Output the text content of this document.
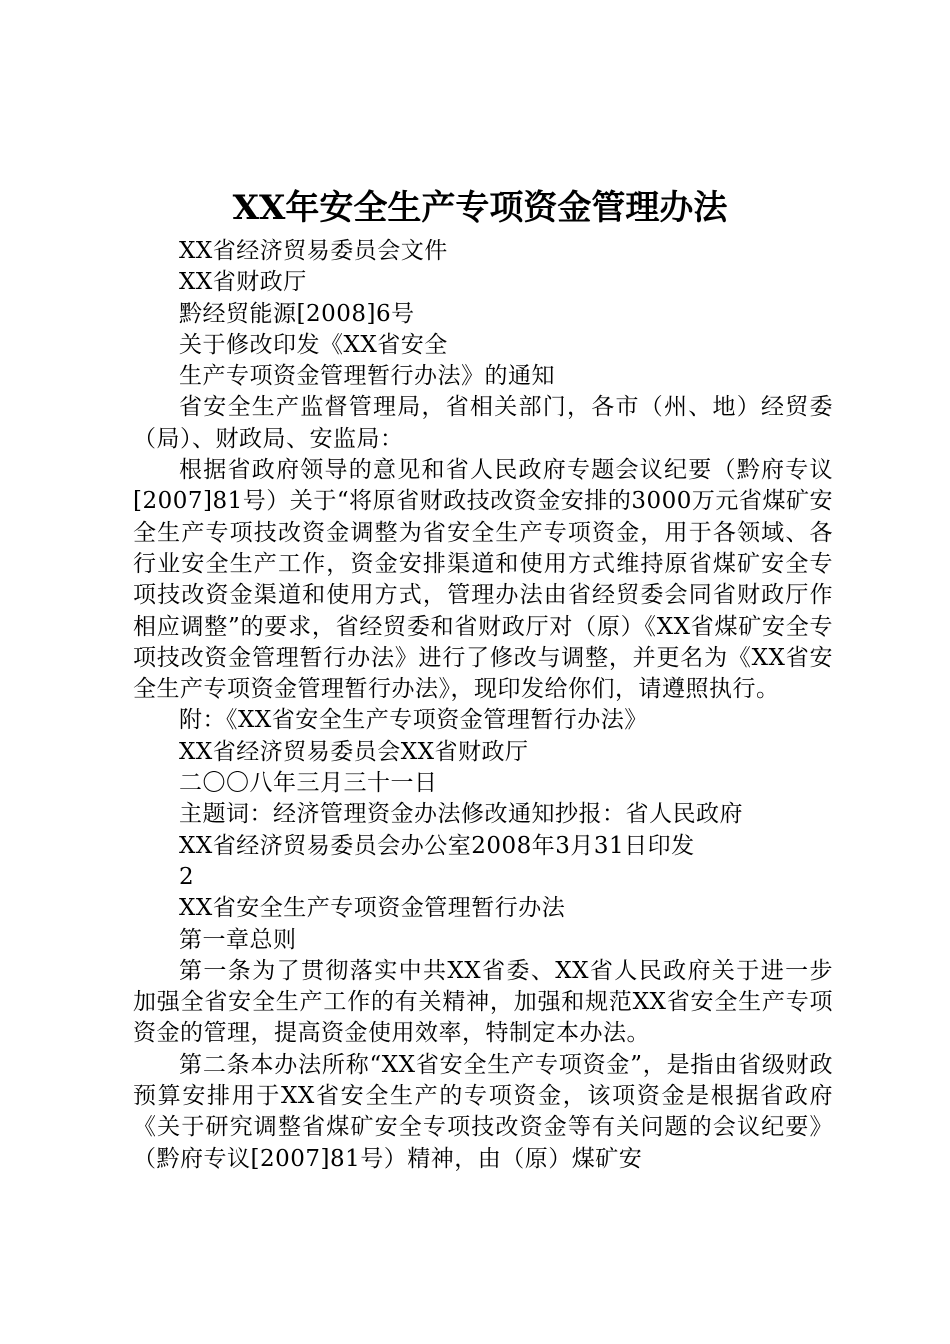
XX年安全生产专项资金管理办法
XX省经济贸易委员会文件
XX省财政厅
黔经贸能源[2008]6号
关于修改印发《XX省安全
生产专项资金管理暂行办法》的通知
省安全生产监督管理局，省相关部门，各市（州、地）经贸委（局）、财政局、安监局：
根据省政府领导的意见和省人民政府专题会议纪要（黔府专议[2007]81号）关于“将原省财政技改资金安排的3000万元省煤矿安全生产专项技改资金调整为省安全生产专项资金，用于各领域、各行业安全生产工作，资金安排渠道和使用方式维持原省煤矿安全专项技改资金渠道和使用方式，管理办法由省经贸委会同省财政厅作相应调整”的要求，省经贸委和省财政厅对（原）《XX省煤矿安全专项技改资金管理暂行办法》进行了修改与调整，并更名为《XX省安全生产专项资金管理暂行办法》，现印发给你们，请遵照执行。
附：《XX省安全生产专项资金管理暂行办法》
XX省经济贸易委员会XX省财政厅
二〇〇八年三月三十一日
主题词：经济管理资金办法修改通知抄报：省人民政府
XX省经济贸易委员会办公室2008年3月31日印发
2
XX省安全生产专项资金管理暂行办法
第一章总则
第一条为了贯彻落实中共XX省委、XX省人民政府关于进一步加强全省安全生产工作的有关精神，加强和规范XX省安全生产专项资金的管理，提高资金使用效率，特制定本办法。
第二条本办法所称“XX省安全生产专项资金”，是指由省级财政预算安排用于XX省安全生产的专项资金，该项资金是根据省政府《关于研究调整省煤矿安全专项技改资金等有关问题的会议纪要》（黔府专议[2007]81号）精神，由（原）煤矿安
